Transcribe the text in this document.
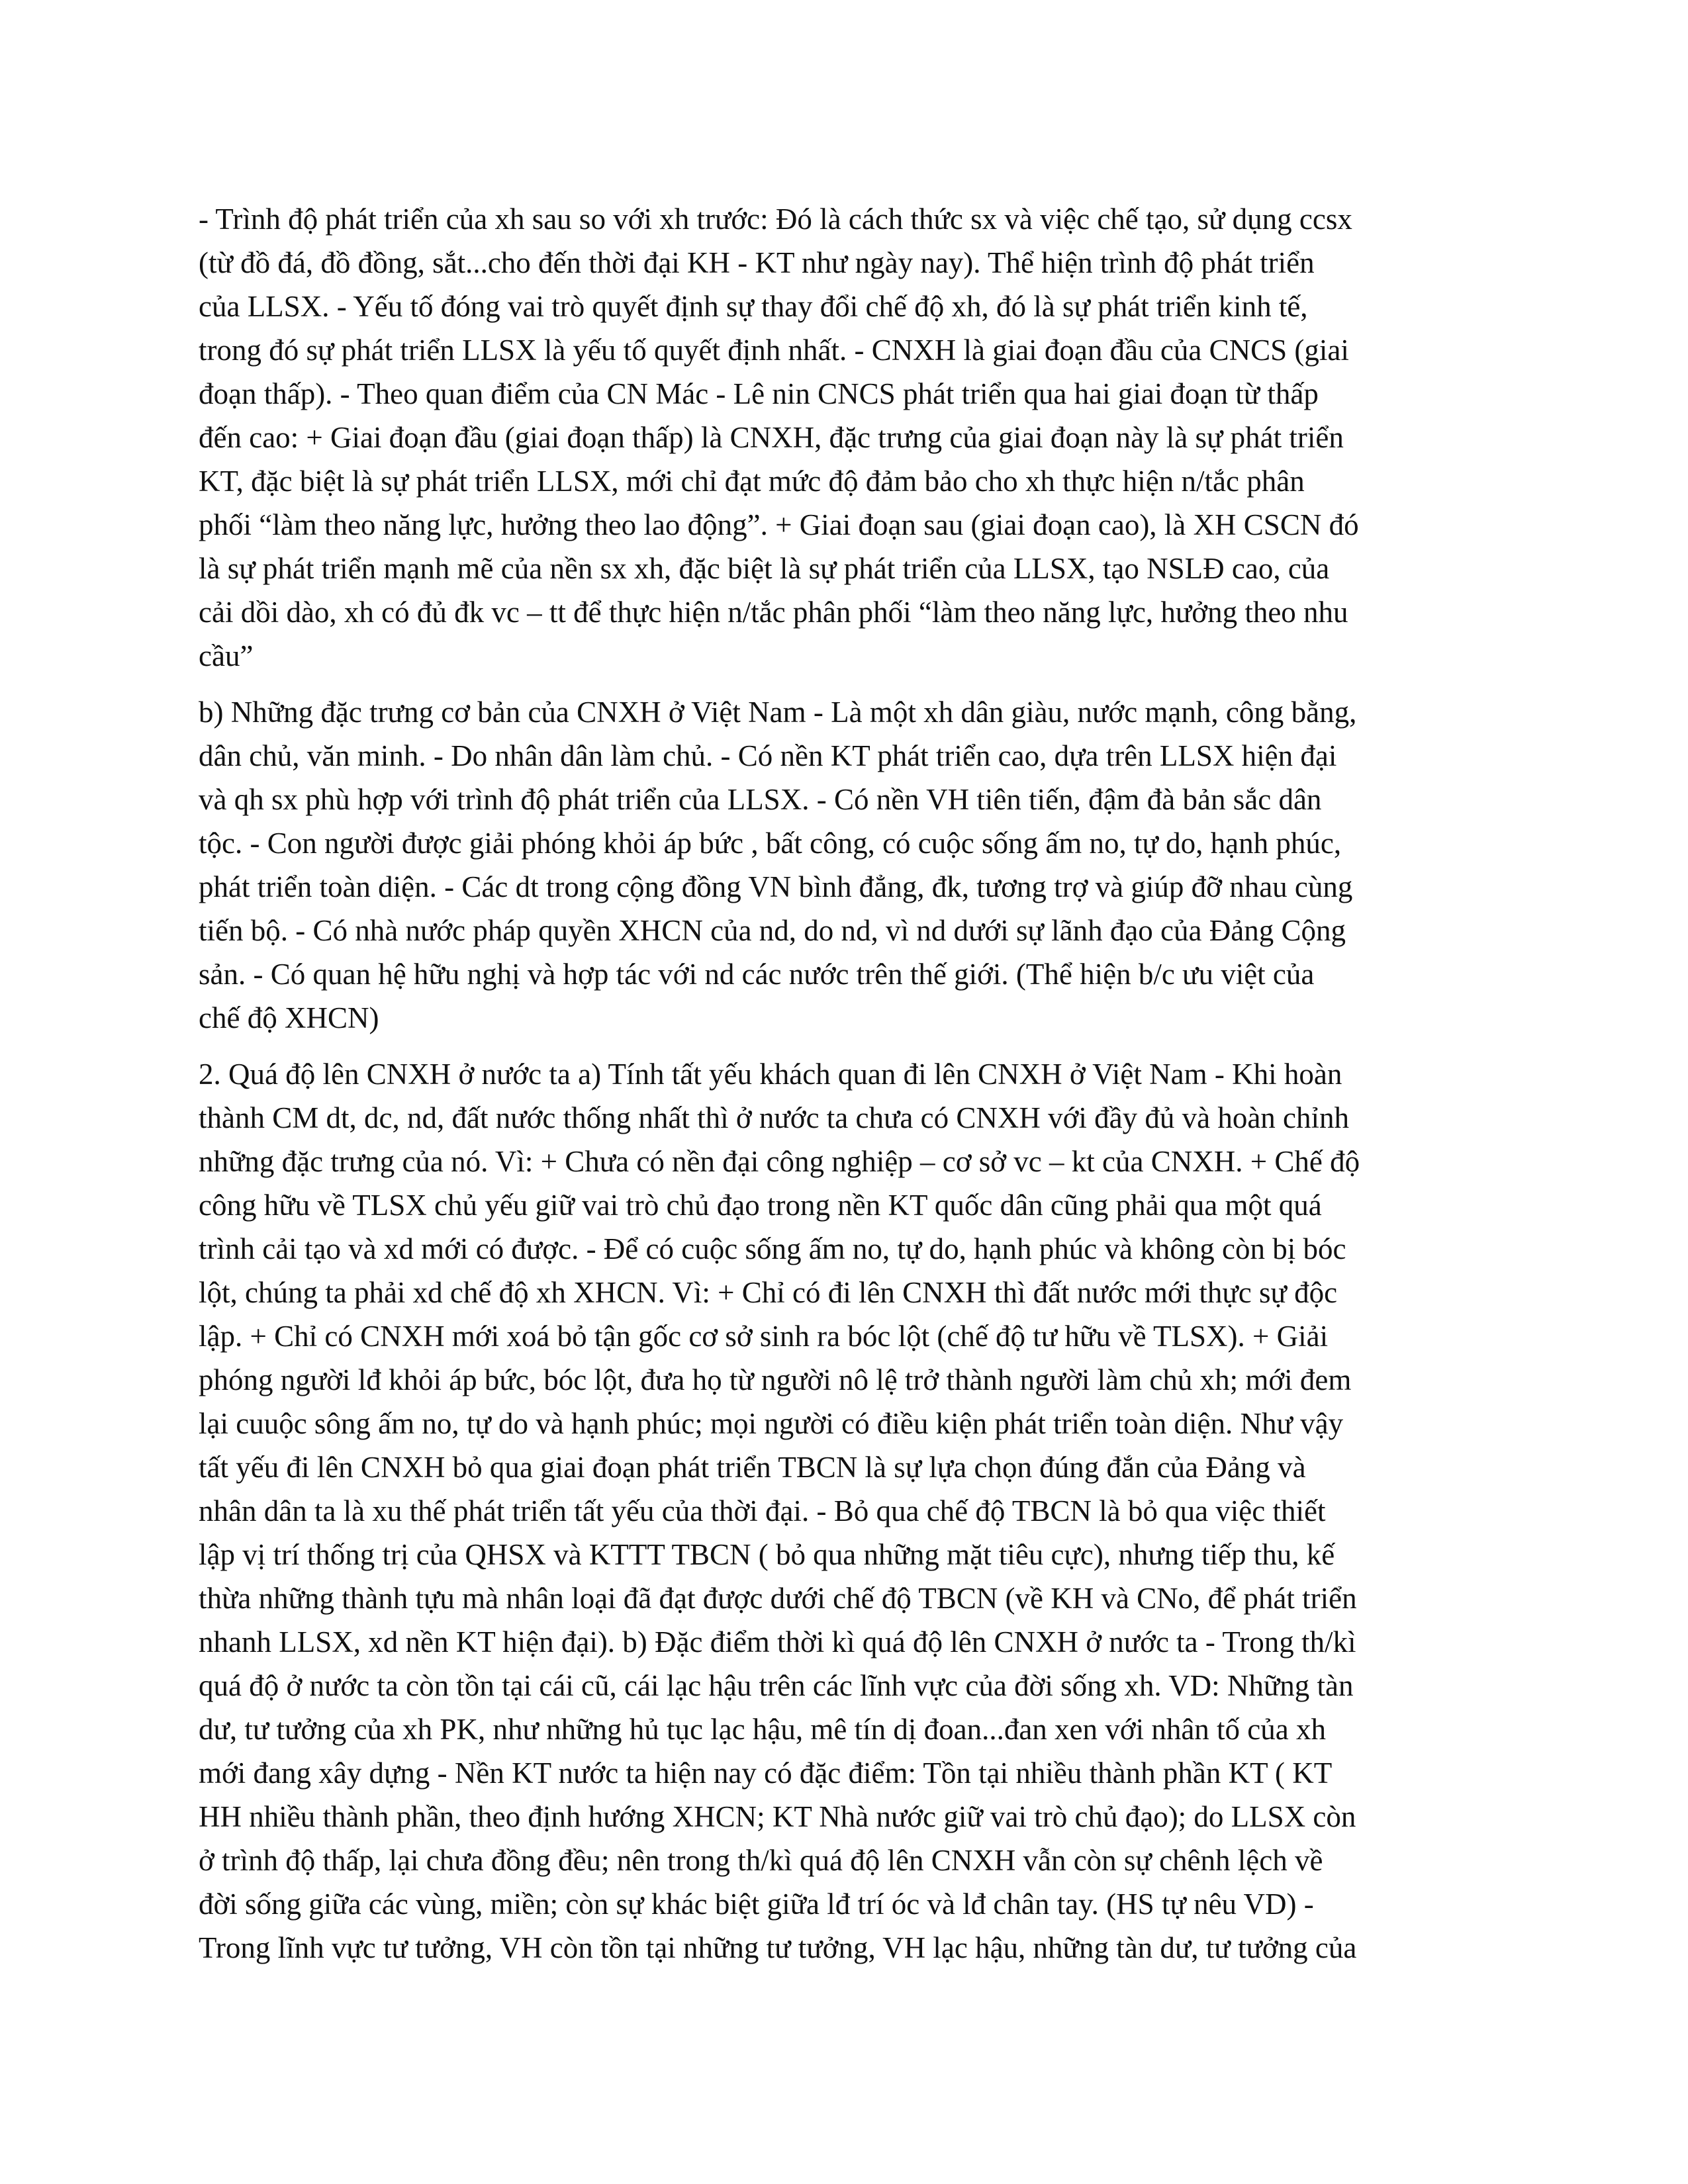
- Trình độ phát triển của xh sau so với xh trước: Đó là cách thức sx và việc chế tạo, sử dụng ccsx
(từ đồ đá, đồ đồng, sắt...cho đến thời đại KH - KT như ngày nay). Thể hiện trình độ phát triển
của LLSX. - Yếu tố đóng vai trò quyết định sự thay đổi chế độ xh, đó là sự phát triển kinh tế,
trong đó sự phát triển LLSX là yếu tố quyết định nhất. - CNXH là giai đoạn đầu của CNCS (giai
đoạn thấp). - Theo quan điểm của CN Mác - Lê nin CNCS phát triển qua hai giai đoạn từ thấp
đến cao: + Giai đoạn đầu (giai đoạn thấp) là CNXH, đặc trưng của giai đoạn này là sự phát triển
KT, đặc biệt là sự phát triển LLSX, mới chỉ đạt mức độ đảm bảo cho xh thực hiện n/tắc phân
phối “làm theo năng lực, hưởng theo lao động”. + Giai đoạn sau (giai đoạn cao), là XH CSCN đó
là sự phát triển mạnh mẽ của nền sx xh, đặc biệt là sự phát triển của LLSX, tạo NSLĐ cao, của
cải dồi dào, xh có đủ đk vc – tt để thực hiện n/tắc phân phối “làm theo năng lực, hưởng theo nhu
cầu”

b) Những đặc trưng cơ bản của CNXH ở Việt Nam - Là một xh dân giàu, nước mạnh, công bằng,
dân chủ, văn minh. - Do nhân dân làm chủ. - Có nền KT phát triển cao, dựa trên LLSX hiện đại
và qh sx phù hợp với trình độ phát triển của LLSX. - Có nền VH tiên tiến, đậm đà bản sắc dân
tộc. - Con người được giải phóng khỏi áp bức , bất công, có cuộc sống ấm no, tự do, hạnh phúc,
phát triển toàn diện. - Các dt trong cộng đồng VN bình đẳng, đk, tương trợ và giúp đỡ nhau cùng
tiến bộ. - Có nhà nước pháp quyền XHCN của nd, do nd, vì nd dưới sự lãnh đạo của Đảng Cộng
sản. - Có quan hệ hữu nghị và hợp tác với nd các nước trên thế giới. (Thể hiện b/c ưu việt của
chế độ XHCN)

2. Quá độ lên CNXH ở nước ta a) Tính tất yếu khách quan đi lên CNXH ở Việt Nam - Khi hoàn
thành CM dt, dc, nd, đất nước thống nhất thì ở nước ta chưa có CNXH với đầy đủ và hoàn chỉnh
những đặc trưng của nó. Vì: + Chưa có nền đại công nghiệp – cơ sở vc – kt của CNXH. + Chế độ
công hữu về TLSX chủ yếu giữ vai trò chủ đạo trong nền KT quốc dân cũng phải qua một quá
trình cải tạo và xd mới có được. - Để có cuộc sống ấm no, tự do, hạnh phúc và không còn bị bóc
lột, chúng ta phải xd chế độ xh XHCN. Vì: + Chỉ có đi lên CNXH thì đất nước mới thực sự độc
lập. + Chỉ có CNXH mới xoá bỏ tận gốc cơ sở sinh ra bóc lột (chế độ tư hữu về TLSX). + Giải
phóng người lđ khỏi áp bức, bóc lột, đưa họ từ người nô lệ trở thành người làm chủ xh; mới đem
lại cuuộc sông ấm no, tự do và hạnh phúc; mọi người có điều kiện phát triển toàn diện. Như vậy
tất yếu đi lên CNXH bỏ qua giai đoạn phát triển TBCN là sự lựa chọn đúng đắn của Đảng và
nhân dân ta là xu thế phát triển tất yếu của thời đại. - Bỏ qua chế độ TBCN là bỏ qua việc thiết
lập vị trí thống trị của QHSX và KTTT TBCN ( bỏ qua những mặt tiêu cực), nhưng tiếp thu, kế
thừa những thành tựu mà nhân loại đã đạt được dưới chế độ TBCN (về KH và CNo, để phát triển
nhanh LLSX, xd nền KT hiện đại). b) Đặc điểm thời kì quá độ lên CNXH ở nước ta - Trong th/kì
quá độ ở nước ta còn tồn tại cái cũ, cái lạc hậu trên các lĩnh vực của đời sống xh. VD: Những tàn
dư, tư tưởng của xh PK, như những hủ tục lạc hậu, mê tín dị đoan...đan xen với nhân tố của xh
mới đang xây dựng - Nền KT nước ta hiện nay có đặc điểm: Tồn tại nhiều thành phần KT ( KT
HH nhiều thành phần, theo định hướng XHCN; KT Nhà nước giữ vai trò chủ đạo); do LLSX còn
ở trình độ thấp, lại chưa đồng đều; nên trong th/kì quá độ lên CNXH vẫn còn sự chênh lệch về
đời sống giữa các vùng, miền; còn sự khác biệt giữa lđ trí óc và lđ chân tay. (HS tự nêu VD) -
Trong lĩnh vực tư tưởng, VH còn tồn tại những tư tưởng, VH lạc hậu, những tàn dư, tư tưởng của
